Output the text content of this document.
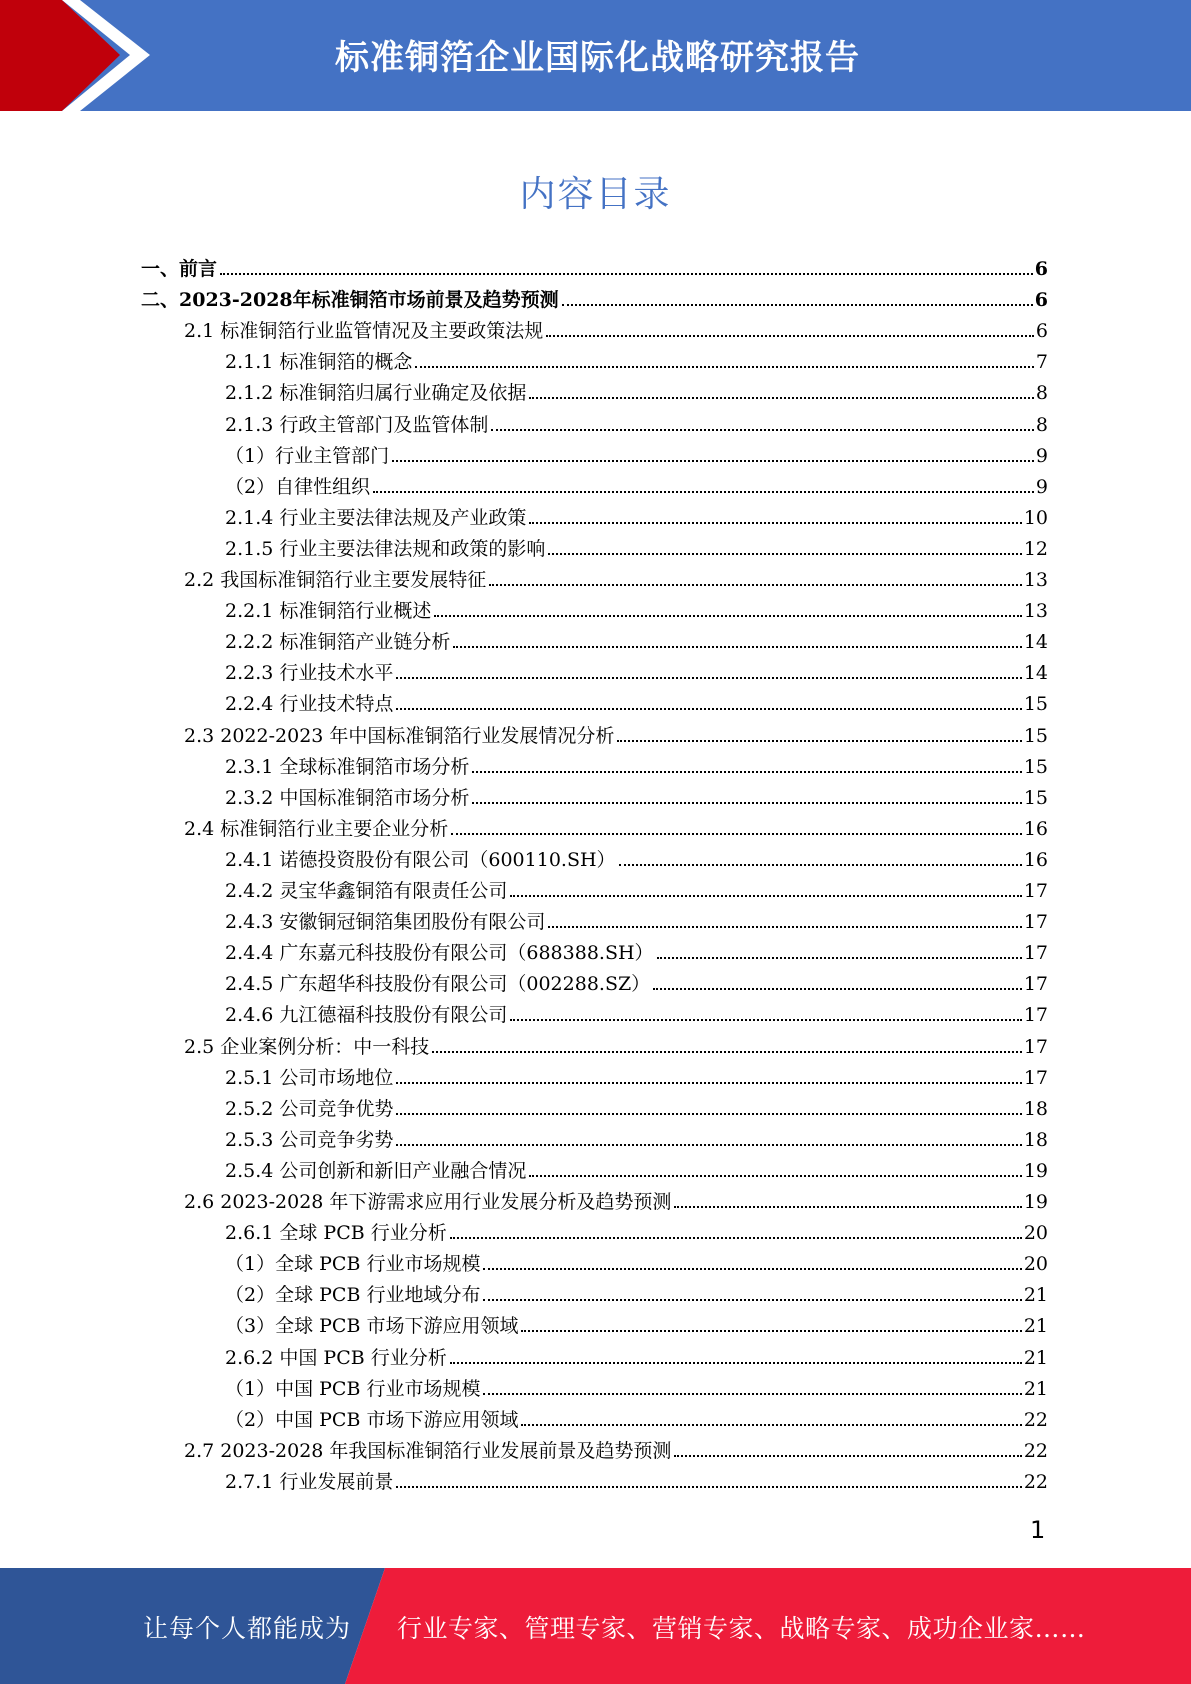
标准铜箔企业国际化战略研究报告
内容目录
一、前言	6
二、2023-2028年标准铜箔市场前景及趋势预测	6
2.1 标准铜箔行业监管情况及主要政策法规	6
2.1.1 标准铜箔的概念	7
2.1.2 标准铜箔归属行业确定及依据	8
2.1.3 行政主管部门及监管体制	8
（1）行业主管部门	9
（2）自律性组织	9
2.1.4 行业主要法律法规及产业政策	10
2.1.5 行业主要法律法规和政策的影响	12
2.2 我国标准铜箔行业主要发展特征	13
2.2.1 标准铜箔行业概述	13
2.2.2 标准铜箔产业链分析	14
2.2.3 行业技术水平	14
2.2.4 行业技术特点	15
2.3 2022-2023 年中国标准铜箔行业发展情况分析	15
2.3.1 全球标准铜箔市场分析	15
2.3.2 中国标准铜箔市场分析	15
2.4 标准铜箔行业主要企业分析	16
2.4.1 诺德投资股份有限公司（600110.SH）	16
2.4.2 灵宝华鑫铜箔有限责任公司	17
2.4.3 安徽铜冠铜箔集团股份有限公司	17
2.4.4 广东嘉元科技股份有限公司（688388.SH）	17
2.4.5 广东超华科技股份有限公司（002288.SZ）	17
2.4.6 九江德福科技股份有限公司	17
2.5 企业案例分析：中一科技	17
2.5.1 公司市场地位	17
2.5.2 公司竞争优势	18
2.5.3 公司竞争劣势	18
2.5.4 公司创新和新旧产业融合情况	19
2.6 2023-2028 年下游需求应用行业发展分析及趋势预测	19
2.6.1 全球 PCB 行业分析	20
（1）全球 PCB 行业市场规模	20
（2）全球 PCB 行业地域分布	21
（3）全球 PCB 市场下游应用领域	21
2.6.2 中国 PCB 行业分析	21
（1）中国 PCB 行业市场规模	21
（2）中国 PCB 市场下游应用领域	22
2.7 2023-2028 年我国标准铜箔行业发展前景及趋势预测	22
2.7.1 行业发展前景	22
1
让每个人都能成为 行业专家、管理专家、营销专家、战略专家、成功企业家……
